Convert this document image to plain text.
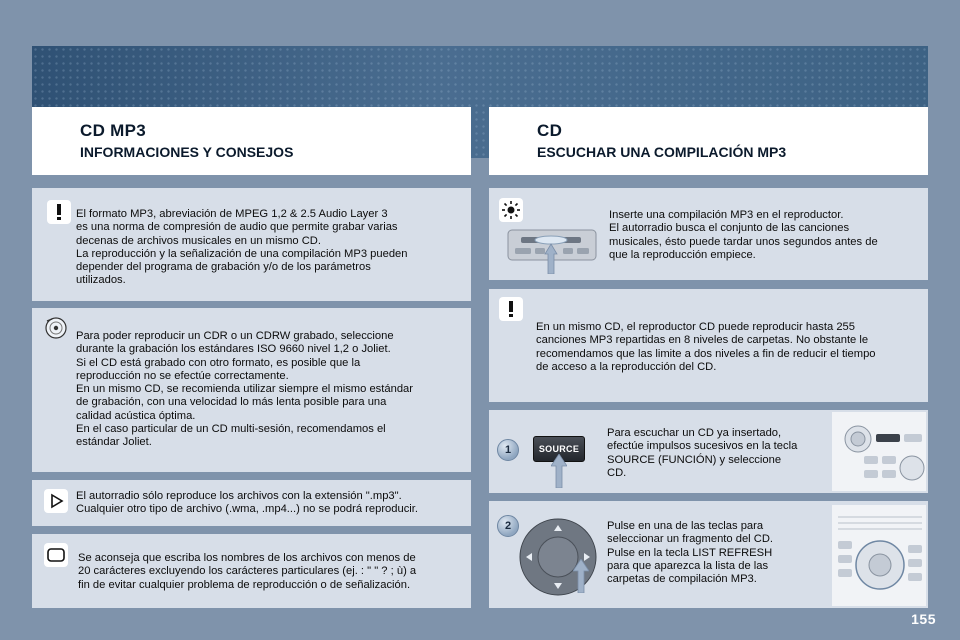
CD MP3
INFORMACIONES Y CONSEJOS
CD
ESCUCHAR UNA COMPILACIÓN MP3
El formato MP3, abreviación de MPEG 1,2 & 2.5 Audio Layer 3
es una norma de compresión de audio que permite grabar varias
decenas de archivos musicales en un mismo CD.
La reproducción y la señalización de una compilación MP3 pueden
depender del programa de grabación y/o de los parámetros
utilizados.
Para poder reproducir un CDR o un CDRW grabado, seleccione
durante la grabación los estándares ISO 9660 nivel 1,2 o Joliet.
Si el CD está grabado con otro formato, es posible que la
reproducción no se efectúe correctamente.
En un mismo CD, se recomienda utilizar siempre el mismo estándar
de grabación, con una velocidad lo más lenta posible para una
calidad acústica óptima.
En el caso particular de un CD multi-sesión, recomendamos el
estándar Joliet.
El autorradio sólo reproduce los archivos con la extensión ".mp3".
Cualquier otro tipo de archivo (.wma, .mp4...) no se podrá reproducir.
Se aconseja que escriba los nombres de los archivos con menos de
20 carácteres excluyendo los carácteres particulares (ej. : " " ? ; ù) a
fin de evitar cualquier problema de reproducción o de señalización.
Inserte una compilación MP3 en el reproductor.
El autorradio busca el conjunto de las canciones
musicales, ésto puede tardar unos segundos antes de
que la reproducción empiece.
En un mismo CD, el reproductor CD puede reproducir hasta 255
canciones MP3 repartidas en 8 niveles de carpetas. No obstante le
recomendamos que las limite a dos niveles a fin de reducir el tiempo
de acceso a la reproducción del CD.
1	SOURCE
Para escuchar un CD ya insertado,
efectúe impulsos sucesivos en la tecla
SOURCE (FUNCIÓN) y seleccione
CD.
2	Pulse en una de las teclas para
seleccionar un fragmento del CD.
Pulse en la tecla LIST REFRESH
para que aparezca la lista de las
carpetas de compilación MP3.
155
